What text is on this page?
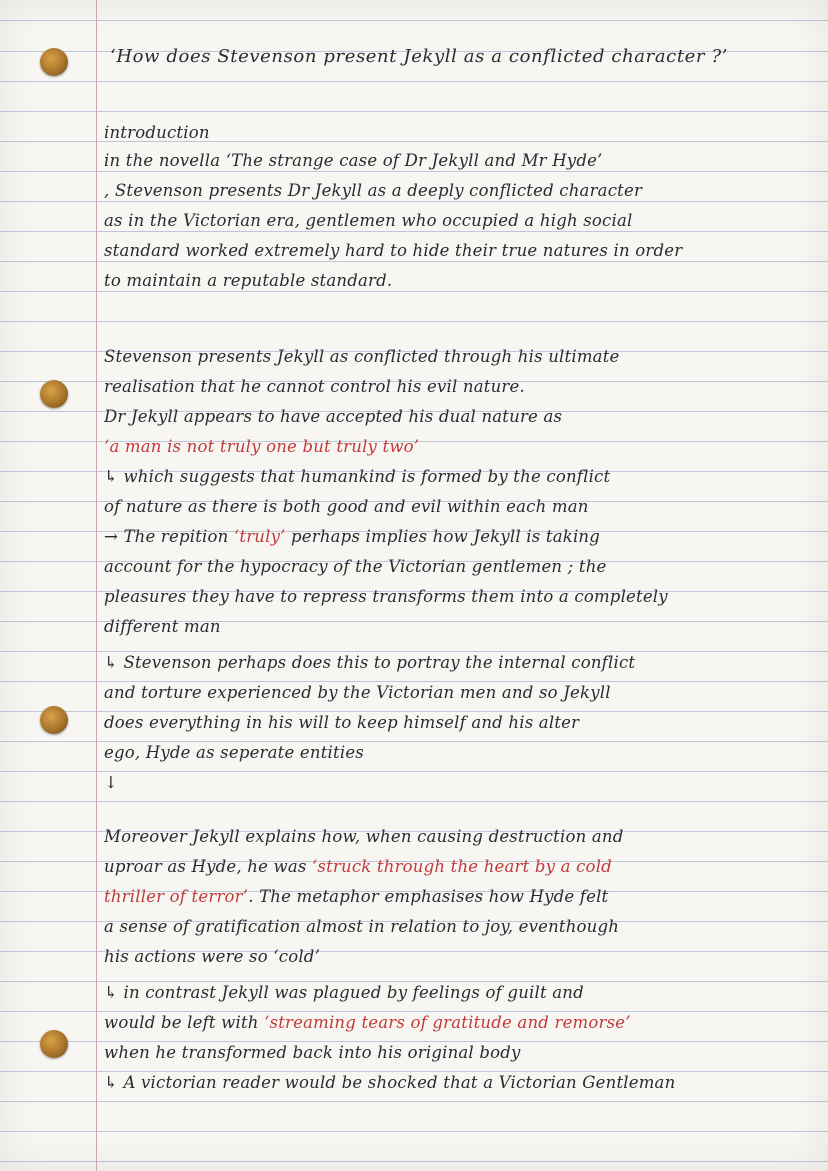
‘How does Stevenson present Jekyll as a conflicted character ?’
introduction
in the novella ‘The strange case of Dr Jekyll and Mr Hyde’
, Stevenson presents Dr Jekyll as a deeply conflicted character
as in the Victorian era, gentlemen who occupied a high social
standard worked extremely hard to hide their true natures in order
to maintain a reputable standard.
Stevenson presents Jekyll as conflicted through his ultimate
realisation that he cannot control his evil nature.
Dr Jekyll appears to have accepted his dual nature as
‘a man is not truly one but truly two’
↳ which suggests that humankind is formed by the conflict
of nature as there is both good and evil within each man
→ The repition ‘truly’ perhaps implies how Jekyll is taking
account for the hypocracy of the Victorian gentlemen ; the
pleasures they have to repress transforms them into a completely
different man
↳ Stevenson perhaps does this to portray the internal conflict
and torture experienced by the Victorian men and so Jekyll
does everything in his will to keep himself and his alter
ego, Hyde as seperate entities
↓
Moreover Jekyll explains how, when causing destruction and
uproar as Hyde, he was ‘struck through the heart by a cold
thriller of terror’. The metaphor emphasises how Hyde felt
a sense of gratification almost in relation to joy, eventhough
his actions were so ‘cold’
↳ in contrast Jekyll was plagued by feelings of guilt and
would be left with ‘streaming tears of gratitude and remorse’
when he transformed back into his original body
↳ A victorian reader would be shocked that a Victorian Gentleman
